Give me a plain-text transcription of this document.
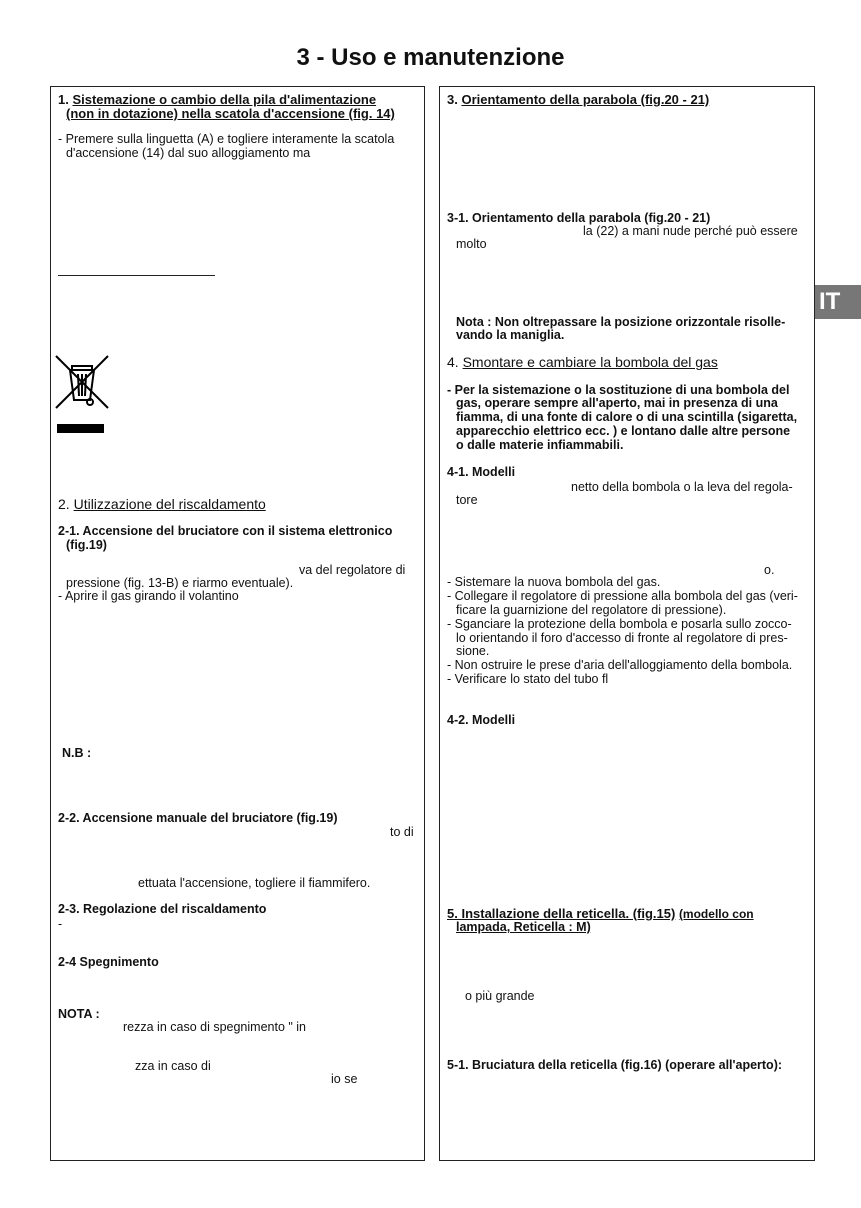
3 - Uso e manutenzione
IT
1. Sistemazione o cambio della pila d'alimentazione
(non in dotazione) nella scatola d'accensione (fig. 14)
- Premere sulla linguetta (A) e togliere interamente la scatola
d'accensione (14) dal suo alloggiamento ma
2. Utilizzazione del riscaldamento
2-1. Accensione del bruciatore con il sistema elettronico
(fig.19)
va del regolatore di
pressione (fig. 13-B) e riarmo eventuale).
- Aprire il gas girando il volantino
N.B :
2-2. Accensione manuale del bruciatore (fig.19)
to di
ettuata l'accensione, togliere il fiammifero.
2-3. Regolazione del riscaldamento
-
2-4 Spegnimento
NOTA :
rezza in caso di spegnimento " in
zza in caso di
io se
3. Orientamento della parabola (fig.20 - 21)
3-1. Orientamento della parabola (fig.20 - 21)
la (22) a mani nude perché può essere
molto
Nota : Non oltrepassare la posizione orizzontale risolle-
vando la maniglia.
4. Smontare e cambiare la bombola del gas
- Per la sistemazione o la sostituzione di una bombola del
gas, operare sempre all'aperto, mai in presenza di una
fiamma, di una fonte di calore o di una scintilla (sigaretta,
apparecchio elettrico ecc. ) e lontano dalle altre persone
o dalle materie infiammabili.
4-1. Modelli
netto della bombola o la leva del regola-
tore
o.
- Sistemare la nuova bombola del gas.
- Collegare il regolatore di pressione alla bombola del gas (veri-
ficare la guarnizione del regolatore di pressione).
- Sganciare la protezione della bombola e posarla sullo zocco-
lo orientando il foro d'accesso di fronte al regolatore di pres-
sione.
- Non ostruire le prese d'aria dell'alloggiamento della bombola.
- Verificare lo stato del tubo fl
4-2. Modelli
5. Installazione della reticella. (fig.15) (modello con
lampada, Reticella : M)
o più grande
5-1. Bruciatura della reticella (fig.16) (operare all'aperto):
